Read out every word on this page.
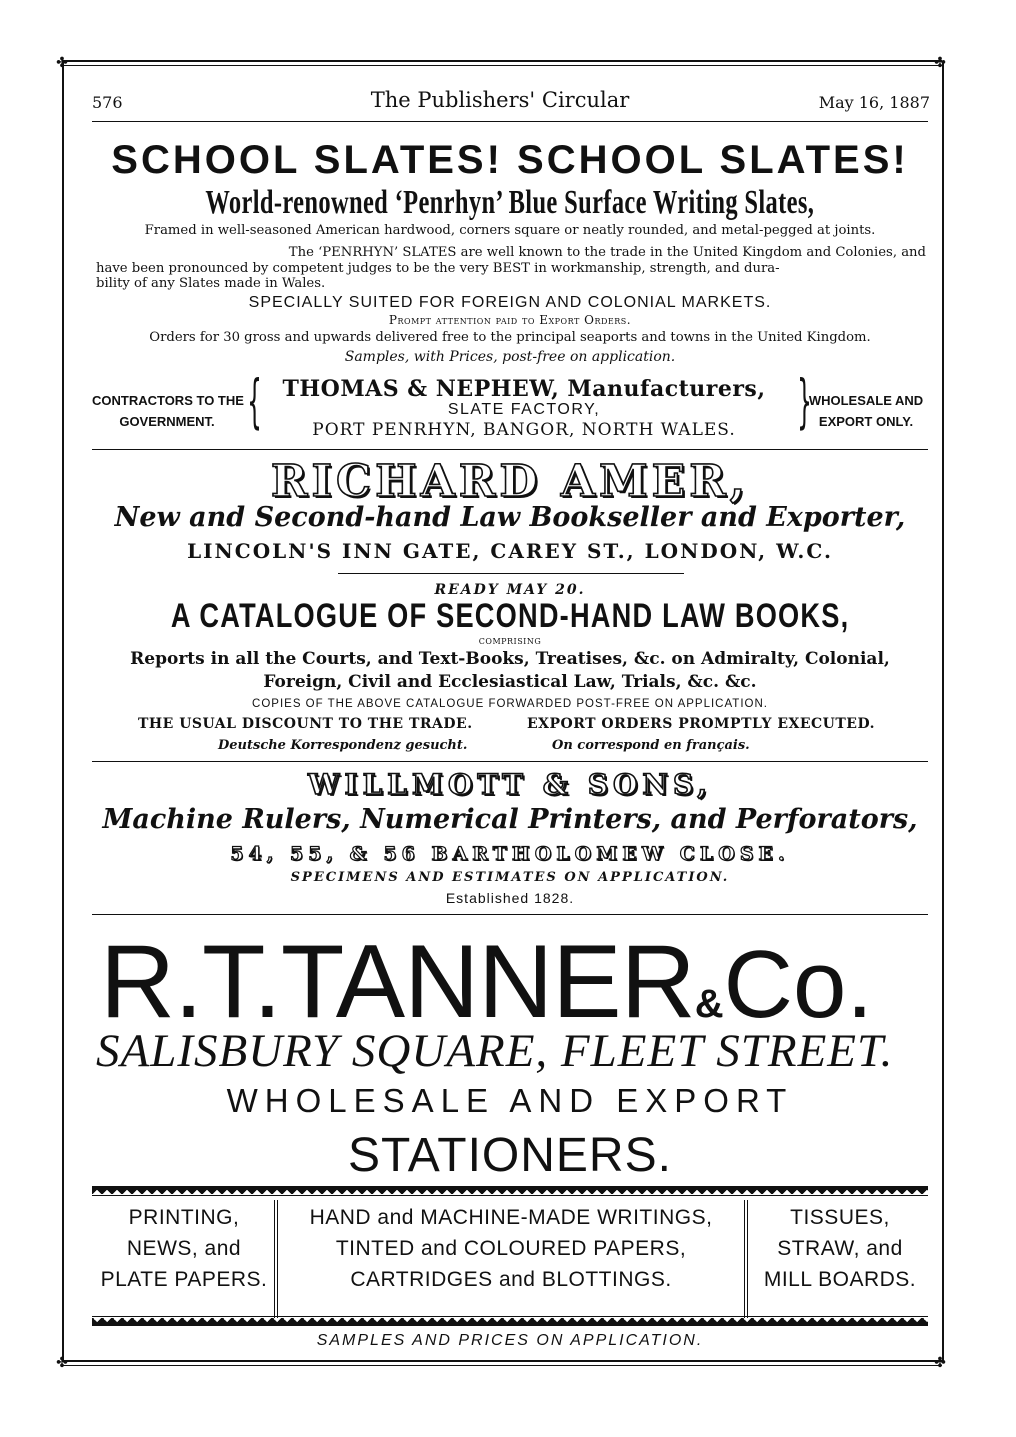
✤	✤
✤	✤
576	The Publishers' Circular	May 16, 1887
SCHOOL SLATES! SCHOOL SLATES!
World-renowned ‘Penrhyn’ Blue Surface Writing Slates,
Framed in well-seasoned American hardwood, corners square or neatly rounded, and metal-pegged at joints.
The ‘PENRHYN’ SLATES are well known to the trade in the United Kingdom and Colonies, and
have been pronounced by competent judges to be the very BEST in workmanship, strength, and dura-
bility of any Slates made in Wales.
SPECIALLY SUITED FOR FOREIGN AND COLONIAL MARKETS.
Prompt attention paid to Export Orders.
Orders for 30 gross and upwards delivered free to the principal seaports and towns in the United Kingdom.
Samples, with Prices, post-free on application.
CONTRACTORS TO THE
GOVERNMENT. { THOMAS & NEPHEW, Manufacturers,
SLATE FACTORY,
PORT PENRHYN, BANGOR, NORTH WALES.	}
WHOLESALE AND
EXPORT ONLY.
RICHARD AMER,
New and Second-hand Law Bookseller and Exporter,
LINCOLN'S INN GATE, CAREY ST., LONDON, W.C.
READY MAY 20.
A CATALOGUE OF SECOND-HAND LAW BOOKS,
COMPRISING
Reports in all the Courts, and Text-Books, Treatises, &c. on Admiralty, Colonial,
Foreign, Civil and Ecclesiastical Law, Trials, &c. &c.
COPIES OF THE ABOVE CATALOGUE FORWARDED POST-FREE ON APPLICATION.
THE USUAL DISCOUNT TO THE TRADE.	EXPORT ORDERS PROMPTLY EXECUTED.
Deutsche Korrespondenz gesucht.	On correspond en français.
WILLMOTT & SONS,
Machine Rulers, Numerical Printers, and Perforators,
54, 55, & 56 BARTHOLOMEW CLOSE.
SPECIMENS AND ESTIMATES ON APPLICATION.
Established 1828.
R.T.TANNER&Co.
SALISBURY SQUARE, FLEET STREET.
WHOLESALE AND EXPORT
STATIONERS.
PRINTING,
NEWS, and
PLATE PAPERS.
HAND and MACHINE-MADE WRITINGS,
TINTED and COLOURED PAPERS,
CARTRIDGES and BLOTTINGS.
TISSUES,
STRAW, and
MILL BOARDS.
SAMPLES AND PRICES ON APPLICATION.
